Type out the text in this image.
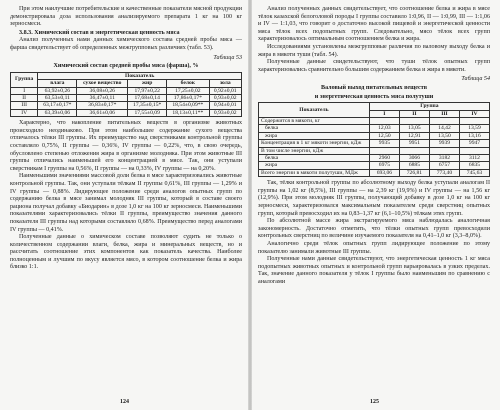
При этом наилучшие потребительские и качественные показатели мясной продукции демонстрировала доза использования анализируемого препарата 1 кг на 100 кг зерносмеси.

3.8.3. Химический состав и энергетическая ценность мяса

Анализ полученных нами данных химического состава средней пробы мяса — фарша свидетельствует об определенных межгрупповых различиях (табл. 53).

Таблица 53
Химический состав средней пробы мяса (фарша), %
Группа	Показатель				
	влага	сухое вещество	жир	белок	зола
I	63,92±0,26	36,08±0,26	17,97±0,22	17,25±0,02	0,92±0,01
II	63,53±0,11	36,47±0,11	17,68±0,14	17,86±0,17*	0,93±0,02
III	63,17±0,17*	36,83±0,17*	17,35±0,15*	18,54±0,09**	0,94±0,01
IV	63,39±0,06	36,61±0,06	17,55±0,09	18,13±0,11**	0,93±0,02

Характерно, что накопление питательных веществ в организме животных происходило неодинаково. При этом наибольшее содержание сухого вещества отличалось тёлки III группы. Их преимущество над сверстниками контрольной группы составляло 0,75%, II группы — 0,36%, IV группы — 0,22%, что, в свою очередь, обусловлено степенью отложения жира в организме молодняка. При этом животные III группы отличались наименьшей его концентрацией в мясе. Так, они уступали сверстникам I группы на 0,56%, II группы — на 0,33%, IV группы — на 0,20%.

Наименьшими значениями массовой доли белка в мясе характеризовались животные контрольной группы. Так, они уступали тёлкам II группы 0,61%, III группы — 1,29% и IV группы — 0,88%. Лидирующее положение среди аналогов опытных групп по содержанию белка в мясе занимал молодняк III группы, который в составе своего рациона получал добавку «Биодарин» в дозе 1,0 кг на 100 кг зерносмеси. Наименьшими показателями характеризовались тёлки II группы, преимущество значения данного показателя III группы над которыми составляло 0,68%. Преимущество перед аналогами IV группы — 0,41%.

Полученные данные о химическом составе позволяют судить не только о количественном содержании влаги, белка, жира и минеральных веществ, но и рассчитать соотношение этих компонентов как показатель качества. Наиболее полноценным и лучшим по вкусу является мясо, в котором соотношение белка и жира близко 1:1.

124

Анализ полученных данных свидетельствует, что соотношение белка и жира в мясе тёлок казахской белоголовой породы I группы составило 1:0,96, II — 1:0,99, III — 1:1,06 и IV — 1:1,03, что говорит о достаточно высокой пищевой и энергетической ценности мяса тёлок всех подопытных групп. Следовательно, мясо тёлок всех групп характеризовалось оптимальным соотношением белка и жира.

Исследованиями установлены межгрупповые различия по валовому выходу белка и жира в мякоти туши (табл. 54).

Полученные данные свидетельствуют, что туши тёлок опытных групп характеризовались сравнительно большим содержанием белка и жира в мякоти.

Таблица 54
Валовый выход питательных веществ
и энергетическая ценность мяса полутуши
Показатель	Группа			
	I	II	III	IV
Содержится в мякоти, кг				
белка	12,03	13,05	14,42	13,59
жира	12,50	12,91	13,50	13,16
Концентрация в 1 кг мякоти энергии, кДж	9935	9951	9939	9947
В том числе энергии, кДж				
белка	2960	3066	3182	3112
жира	6975	6885	6757	6835
Всего энергии в мякоти полутуши, МДж	693,06	726,81	773,40	745,63

Так, тёлки контрольной группы по абсолютному выходу белка уступали аналогам II группы на 1,02 кг (8,5%), III группы — на 2,39 кг (19,9%) и IV группы — на 1,56 кг (12,9%). При этом молодняк III группы, получающий добавку в дозе 1,0 кг на 100 кг зерносмеси, характеризовался максимальным показателем среди сверстниц опытных групп, который превосходил их на 0,83–1,37 кг (6,1–10,5%) тёлкам этих групп.

По абсолютной массе жира экстрагируемого мяса наблюдалась аналогичная закономерность. Достаточно отметить, что тёлки опытных групп превосходили контрольных сверстниц по величине изучаемого показателя на 0,41–1,0 кг (3,3–8,0%).

Аналогично среди тёлок опытных групп лидирующее положение по этому показателю занимали животные III группы.

Полученные нами данные свидетельствуют, что энергетическая ценность 1 кг мяса подопытных животных опытных и контрольной групп варьировалась в узких пределах. Так, значение данного показателя у тёлок I группы было наименьшим по сравнению с аналогами

125
